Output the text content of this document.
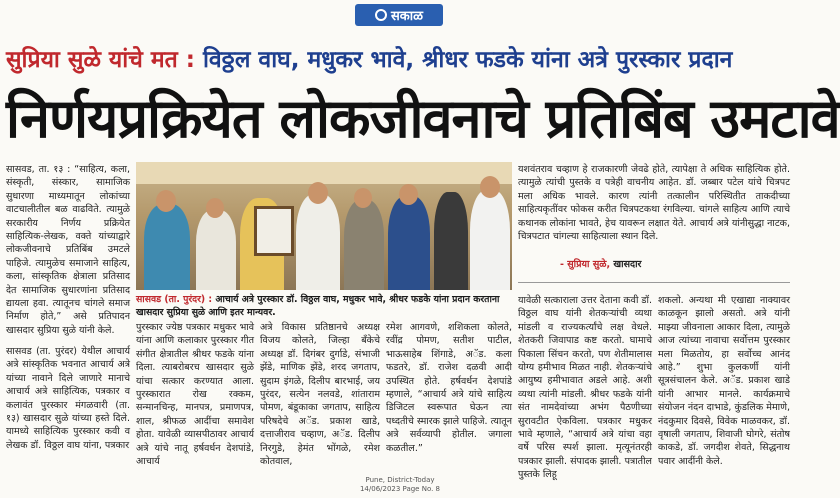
सकाळ
सुप्रिया सुळे यांचे मत : विठ्ठल वाघ, मधुकर भावे, श्रीधर फडके यांना अत्रे पुरस्कार प्रदान
निर्णयप्रक्रियेत लोकजीवनाचे प्रतिबिंब उमटावे
सासवड, ता. १३ : “साहित्य, कला, संस्कृती, संस्कार, सामाजिक सुधारणा माध्यमातून लोकांच्या वाटचालीतील बळ वाढविते. त्यामुळे सरकारीय निर्णय प्रक्रियेत साहित्यिक-लेखक, वक्ते यांच्याद्वारे लोकजीवनाचे प्रतिबिंब उमटले पाहिजे. त्यामुळेच समाजाने साहित्य, कला, सांस्कृतिक क्षेत्राला प्रतिसाद देत सामाजिक सुधारणांना प्रतिसाद द्यायला हवा. त्यातूनच चांगले समाज निर्माण होते,” असे प्रतिपादन खासदार सुप्रिया सुळे यांनी केले.
सासवड (ता. पुरंदर) येथील आचार्य अत्रे सांस्कृतिक भवनात आचार्य अत्रे यांच्या नावाने दिले जाणारे मानाचे आचार्य अत्रे साहित्यिक, पत्रकार व कलावंत पुरस्कार मंगळवारी (ता. १३) खासदार सुळे यांच्या हस्ते दिले. यामध्ये साहित्यिक पुरस्कार कवी व लेखक डॉ. विठ्ठल वाघ यांना, पत्रकार
सासवड (ता. पुरंदर) : आचार्य अत्रे पुरस्कार डॉ. विठ्ठल वाघ, मधुकर भावे, श्रीधर फडके यांना प्रदान करताना खासदार सुप्रिया सुळे आणि इतर मान्यवर.
पुरस्कार ज्येष्ठ पत्रकार मधुकर भावे यांना आणि कलाकार पुरस्कार गीत संगीत क्षेत्रातील श्रीधर फडके यांना दिला. त्याबरोबरच खासदार सुळे यांचा सत्कार करण्यात आला. पुरस्कारात रोख रक्कम, सन्मानचिन्ह, मानपत्र, प्रमाणपत्र, शाल, श्रीफळ आदींचा समावेश होता. यावेळी व्यासपीठावर आचार्य अत्रे यांचे नातू हर्षवर्धन देशपांडे, आचार्य
अत्रे विकास प्रतिष्ठानचे अध्यक्ष विजय कोलते, जिल्हा बँकेचे अध्यक्ष डॉ. दिगंबर दुर्गाडे, संभाजी झेंडे, माणिक झेंडे, शरद जगताप, सुदाम इंगळे, दिलीप बारभाई, जय पुरंदर, सत्येन नलवडे, शांताराम पोमण, बंडूकाका जगताप, साहित्य परिषदेचे अॅड. प्रकाश खाडे, दत्ताजीराव चव्हाण, अॅड. दिलीप निरगुडे, हेमंत भोंगळे, रमेश कोतवाल,
रमेश आगवणे, शशिकला कोलते, रवींद्र पोमण, सतीश पाटील, भाऊसाहेब शिंगाडे, अॅड. कला फडतरे, डॉ. राजेश दळवी आदी उपस्थित होते. हर्षवर्धन देशपांडे म्हणाले, “आचार्य अत्रे यांचे साहित्य डिजिटल स्वरूपात घेऊन त्या पध्दतीचे स्मारक झाले पाहिजे. त्यातून अत्रे सर्वव्यापी होतील. जगाला कळतील.”
यशवंतराव चव्हाण हे राजकारणी जेवढे होते, त्यापेक्षा ते अधिक साहित्यिक होते. त्यामुळे त्यांची पुस्तके व पत्रेही वाचनीय आहेत. डॉ. जब्बार पटेल यांचे चित्रपट मला अधिक भावले. कारण त्यांनी तत्कालीन परिस्थितीत ताकदीच्या साहित्यकृतींवर फोकस करीत चित्रपटकथा रंगविल्या. चांगले साहित्य आणि त्याचे कथानक लोकांना भावते, हेच यावरून लक्षात येते. आचार्य अत्रे यांनीसुद्धा नाटक, चित्रपटात चांगल्या साहित्याला स्थान दिले.
- सुप्रिया सुळे, खासदार
यावेळी सत्काराला उत्तर देताना कवी डॉ. विठ्ठल वाघ यांनी शेतकऱ्यांची व्यथा मांडली व राज्यकर्त्यांचे लक्ष वेधले. शेतकरी जिवापाड कष्ट करतो. घामाचे पिकाला सिंचन करतो, पण शेतीमालास योग्य हमीभाव मिळत नाही. शेतकऱ्यांचे आयुष्य हमीभावात अडले आहे. अशी व्यथा त्यांनी मांडली. श्रीधर फडके यांनी संत नामदेवांच्या अभंग पैठणीच्या सुरावटीत ऐकविला. पत्रकार मधुकर भावे म्हणाले, “आचार्य अत्रे यांचा वहा वर्षे परिस स्पर्श झाला. मृत्यूनंतरही पत्रकार झाली. संपादक झाली. पत्रातील पुस्तके लिहू
शकलो. अन्यथा मी एखाद्या नाक्यावर काळकून झालो असतो. अत्रे यांनी माझ्या जीवनाला आकार दिला, त्यामुळे आज त्यांच्या नावाचा सर्वोत्तम पुरस्कार मला मिळतोय, हा सर्वोच्च आनंद आहे.” शुभा कुलकर्णी यांनी सूत्रसंचालन केले. अॅड. प्रकाश खाडे यांनी आभार मानले. कार्यक्रमाचे संयोजन नंदन दाभाडे, कुंडलिक मेमाणे, नंदकुमार दिवसे, विवेक माळवकर, डॉ. वृषाली जगताप, शिवाजी घोगरे, संतोष काकडे, डॉ. जगदीश शेवते, सिद्धनाथ पवार आदींनी केले.
Pune, District-Today
14/06/2023 Page No. 8
